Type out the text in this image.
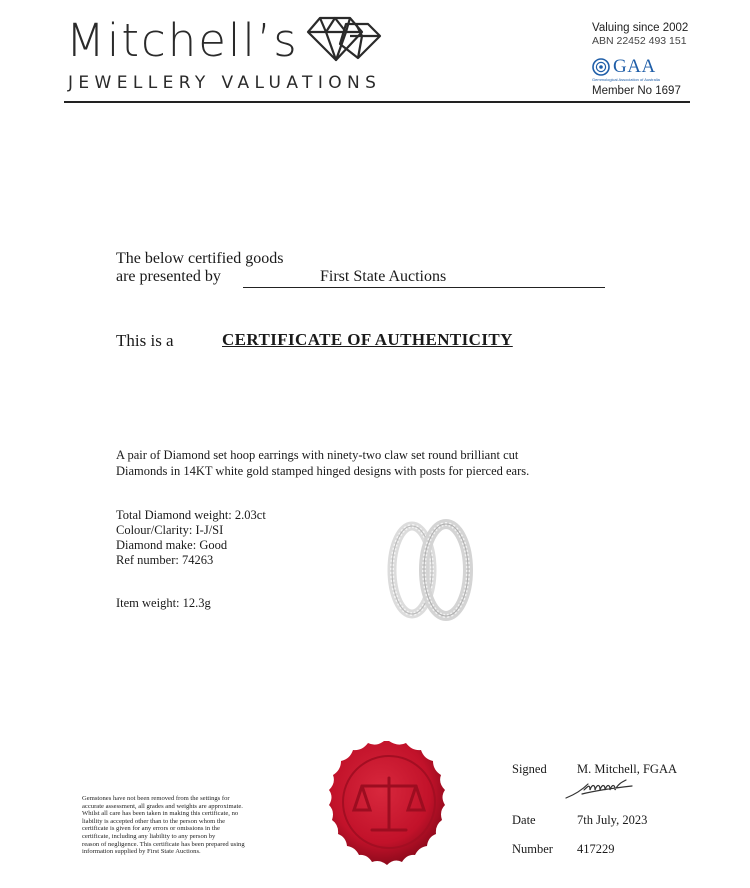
Mitchell’s
JEWELLERY VALUATIONS
Valuing since 2002
ABN 22452 493 151
GAA
Gemmological Association of Australia
Member No 1697
The below certified goods
are presented by	First State Auctions
This is a	CERTIFICATE OF AUTHENTICITY
A pair of Diamond set hoop earrings with ninety-two claw set round brilliant cut
Diamonds in 14KT white gold stamped hinged designs with posts for pierced ears.
Total Diamond weight: 2.03ct
Colour/Clarity: I-J/SI
Diamond make: Good
Ref number: 74263
Item weight: 12.3g
Signed M. Mitchell, FGAA
Date	7th July, 2023
Number 417229
Gemstones have not been removed from the settings for
accurate assessment, all grades and weights are approximate.
Whilst all care has been taken in making this certificate, no
liability is accepted other than to the person whom the
certificate is given for any errors or omissions in the
certificate, including any liability to any person by
reason of negligence. This certificate has been prepared using
information supplied by First State Auctions.
